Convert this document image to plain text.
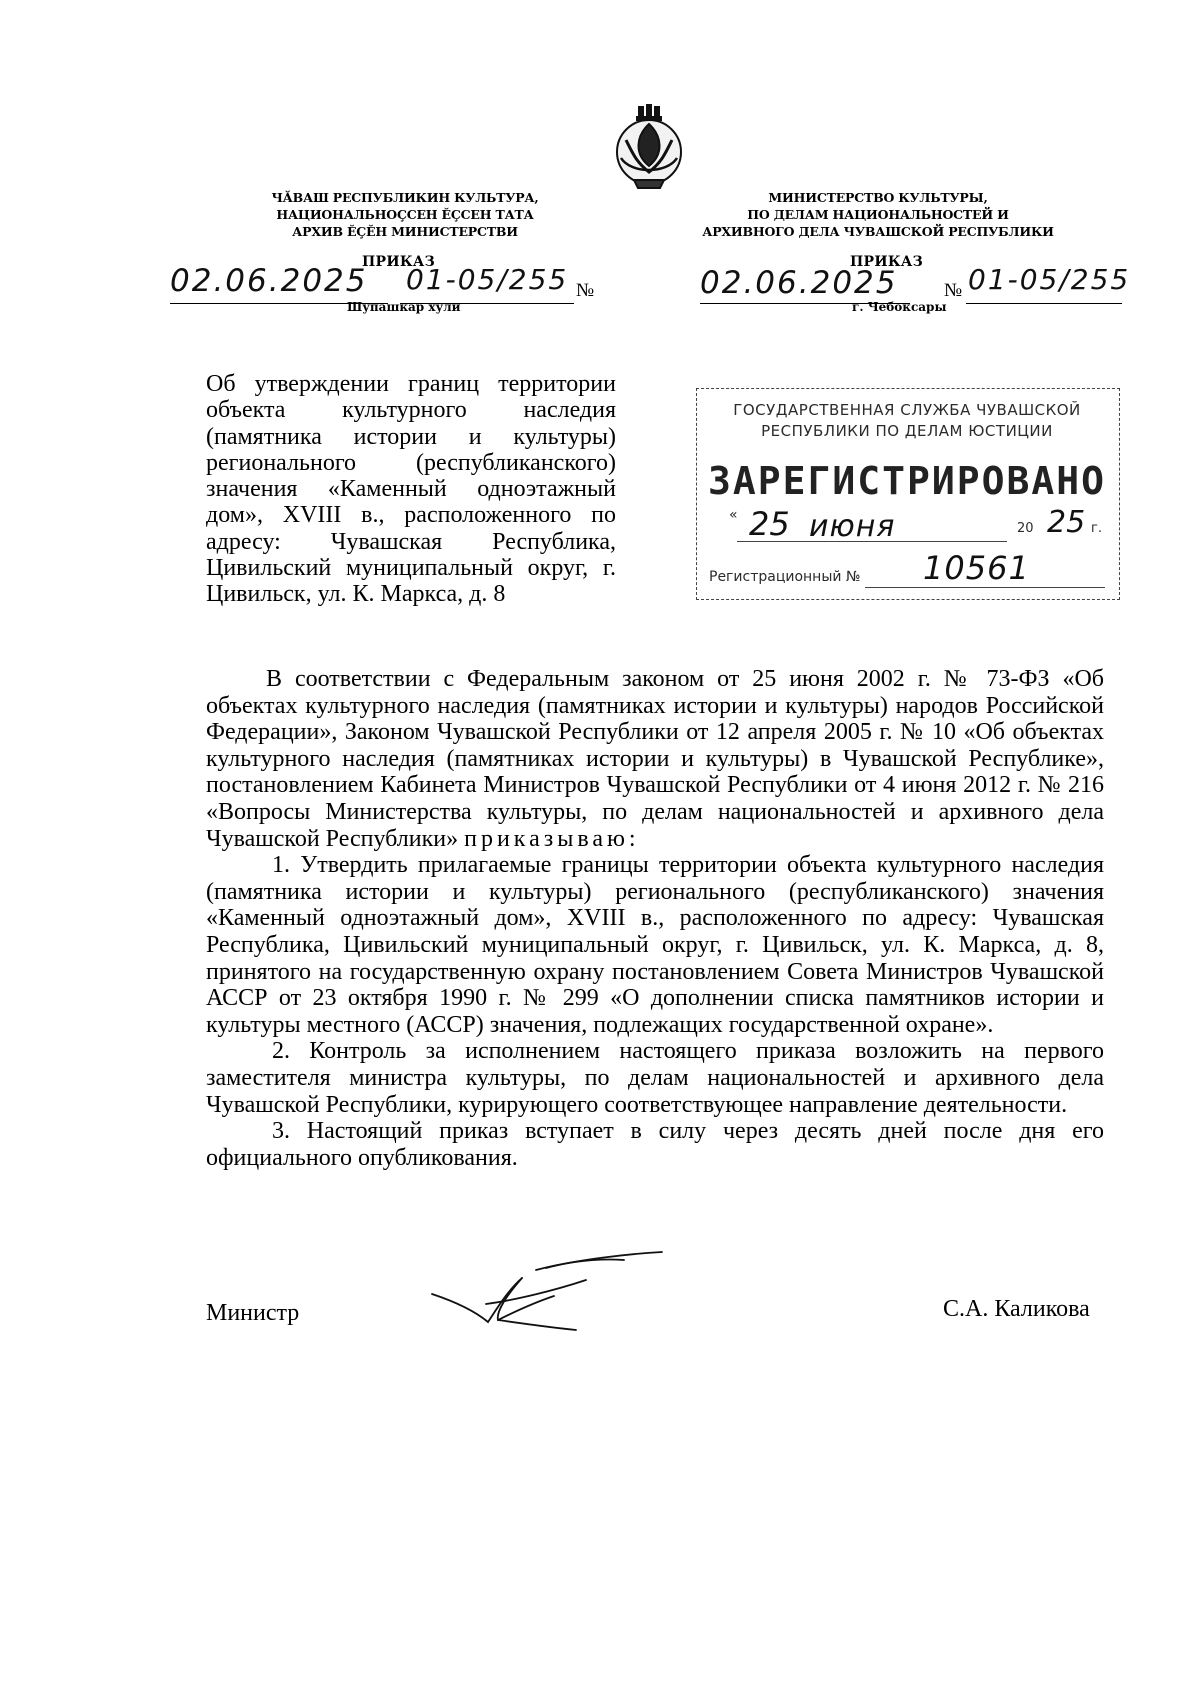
ЧӐВАШ РЕСПУБЛИКИН КУЛЬТУРА,
НАЦИОНАЛЬНОҪСЕН ӖҪСЕН ТАТА
АРХИВ ӖҪӖН МИНИСТЕРСТВИ
МИНИСТЕРСТВО КУЛЬТУРЫ,
ПО ДЕЛАМ НАЦИОНАЛЬНОСТЕЙ И
АРХИВНОГО ДЕЛА ЧУВАШСКОЙ РЕСПУБЛИКИ
ПРИКАЗ	ПРИКАЗ
02.06.2025 01-05/255 №
Шупашкар хули
02.06.2025 № 01-05/255
г. Чебоксары
Об утверждении границ территории объекта культурного наследия (памятника истории и культуры) регионального (республиканского) значения «Каменный одноэтажный дом», XVIII в., расположенного по адресу: Чувашская Республика, Цивильский муниципальный округ, г. Цивильск, ул. К. Маркса, д. 8
ГОСУДАРСТВЕННАЯ СЛУЖБА ЧУВАШСКОЙ
РЕСПУБЛИКИ ПО ДЕЛАМ ЮСТИЦИИ
ЗАРЕГИСТРИРОВАНО
« 25 июня	20 25 г.
Регистрационный № 10561

В соответствии с Федеральным законом от 25 июня 2002 г. № 73-ФЗ «Об объектах культурного наследия (памятниках истории и культуры) народов Российской Федерации», Законом Чувашской Республики от 12 апреля 2005 г. № 10 «Об объектах культурного наследия (памятниках истории и культуры) в Чувашской Республике», постановлением Кабинета Министров Чувашской Республики от 4 июня 2012 г. № 216 «Вопросы Министерства культуры, по делам национальностей и архивного дела Чувашской Республики» приказываю:

1. Утвердить прилагаемые границы территории объекта культурного наследия (памятника истории и культуры) регионального (республиканского) значения «Каменный одноэтажный дом», XVIII в., расположенного по адресу: Чувашская Республика, Цивильский муниципальный округ, г. Цивильск, ул. К. Маркса, д. 8, принятого на государственную охрану постановлением Совета Министров Чувашской АССР от 23 октября 1990 г. № 299 «О дополнении списка памятников истории и культуры местного (АССР) значения, подлежащих государственной охране».

2. Контроль за исполнением настоящего приказа возложить на первого заместителя министра культуры, по делам национальностей и архивного дела Чувашской Республики, курирующего соответствующее направление деятельности.

3. Настоящий приказ вступает в силу через десять дней после дня его официального опубликования.

Министр	С.А. Каликова
